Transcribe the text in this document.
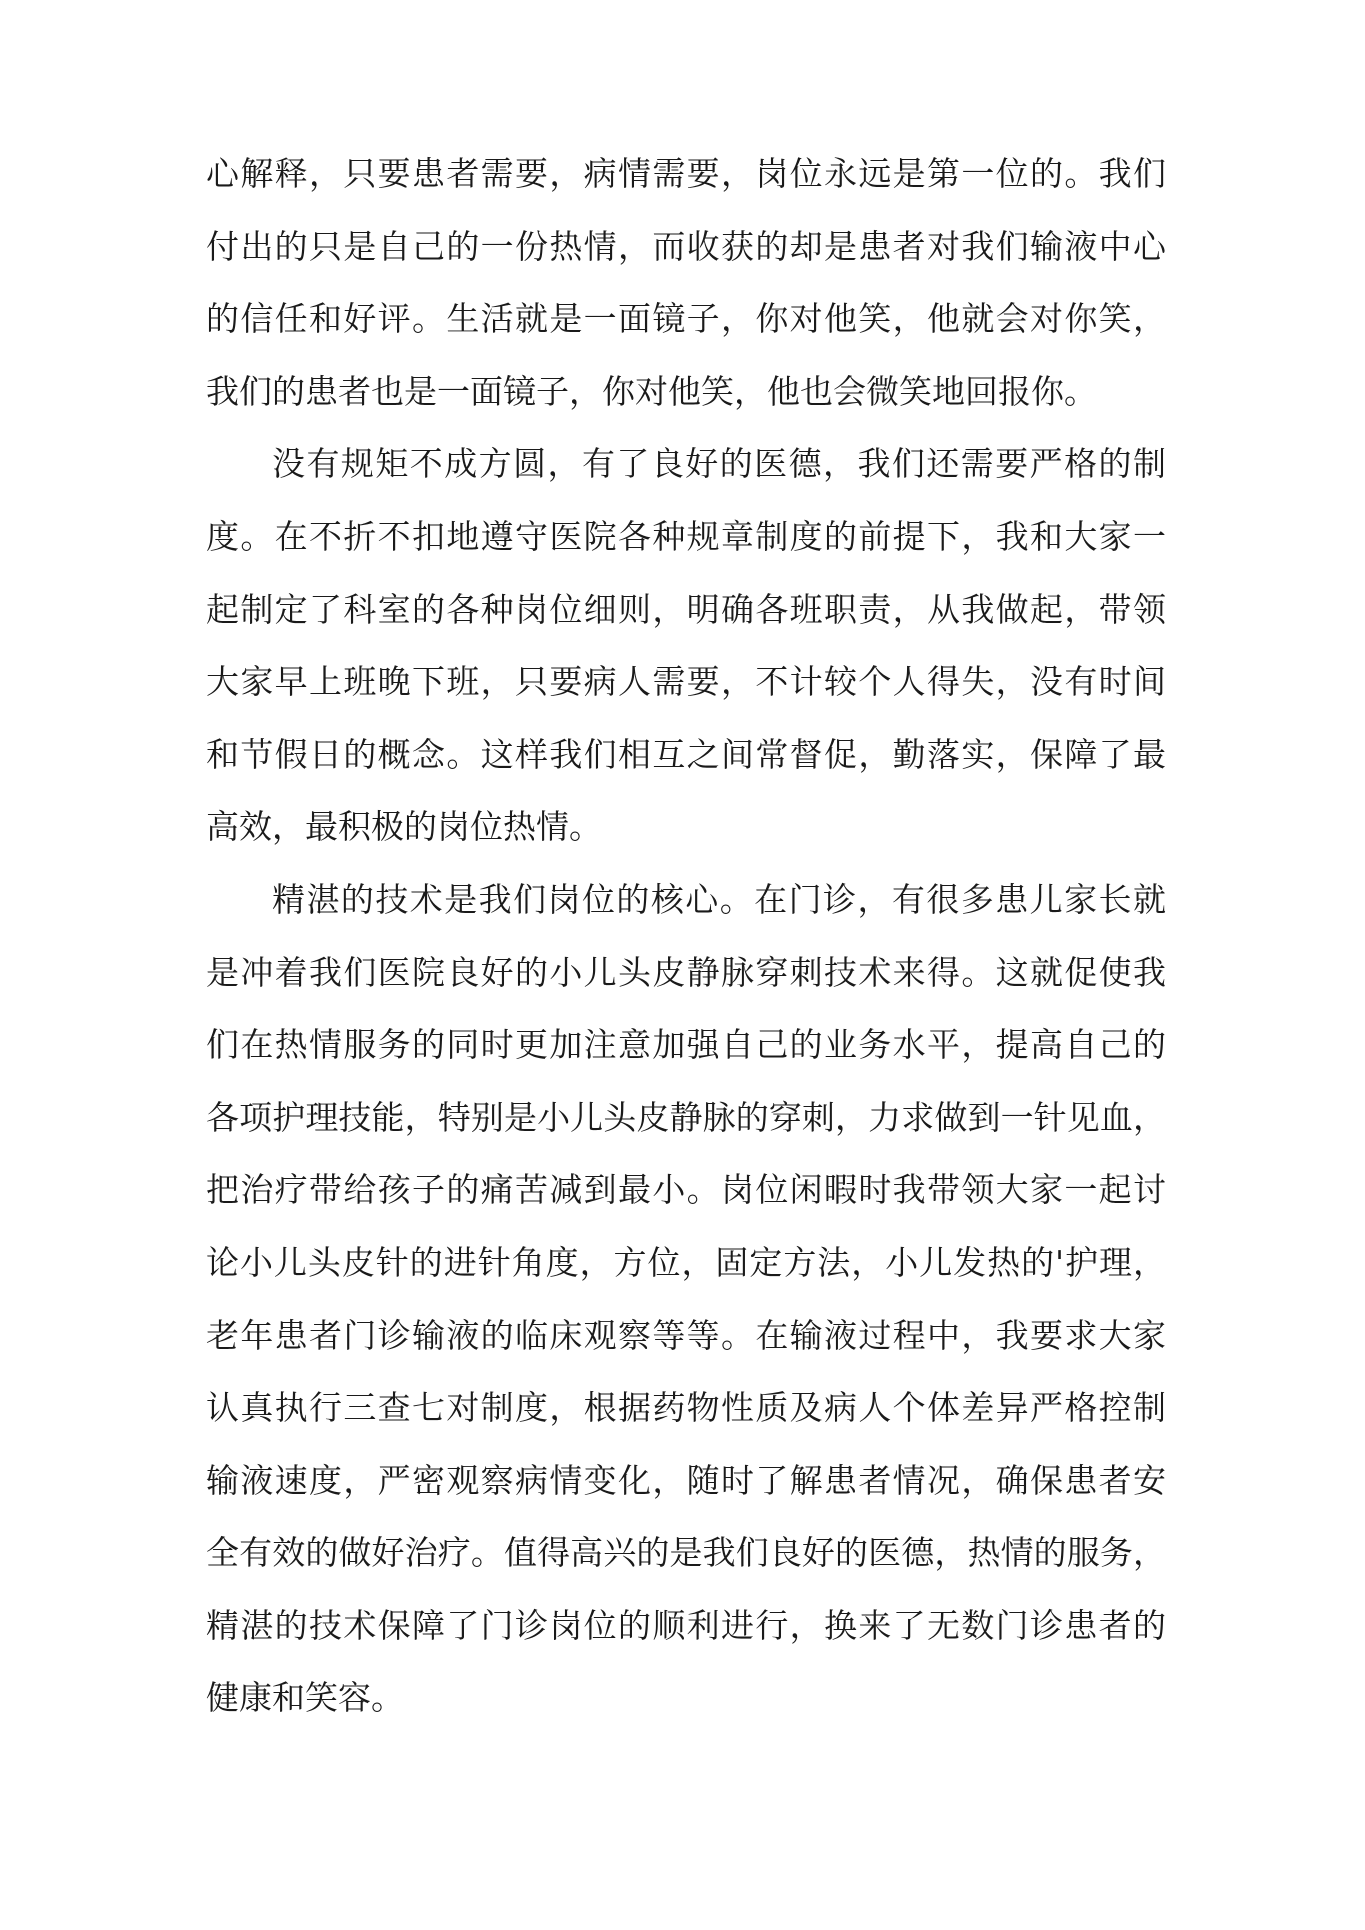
心解释，只要患者需要，病情需要，岗位永远是第一位的。我们
付出的只是自己的一份热情，而收获的却是患者对我们输液中心
的信任和好评。生活就是一面镜子，你对他笑，他就会对你笑，
我们的患者也是一面镜子，你对他笑，他也会微笑地回报你。
没有规矩不成方圆，有了良好的医德，我们还需要严格的制
度。在不折不扣地遵守医院各种规章制度的前提下，我和大家一
起制定了科室的各种岗位细则，明确各班职责，从我做起，带领
大家早上班晚下班，只要病人需要，不计较个人得失，没有时间
和节假日的概念。这样我们相互之间常督促，勤落实，保障了最
高效，最积极的岗位热情。
精湛的技术是我们岗位的核心。在门诊，有很多患儿家长就
是冲着我们医院良好的小儿头皮静脉穿刺技术来得。这就促使我
们在热情服务的同时更加注意加强自己的业务水平，提高自己的
各项护理技能，特别是小儿头皮静脉的穿刺，力求做到一针见血，
把治疗带给孩子的痛苦减到最小。岗位闲暇时我带领大家一起讨
论小儿头皮针的进针角度，方位，固定方法，小儿发热的'护理，
老年患者门诊输液的临床观察等等。在输液过程中，我要求大家
认真执行三查七对制度，根据药物性质及病人个体差异严格控制
输液速度，严密观察病情变化，随时了解患者情况，确保患者安
全有效的做好治疗。值得高兴的是我们良好的医德，热情的服务，
精湛的技术保障了门诊岗位的顺利进行，换来了无数门诊患者的
健康和笑容。
